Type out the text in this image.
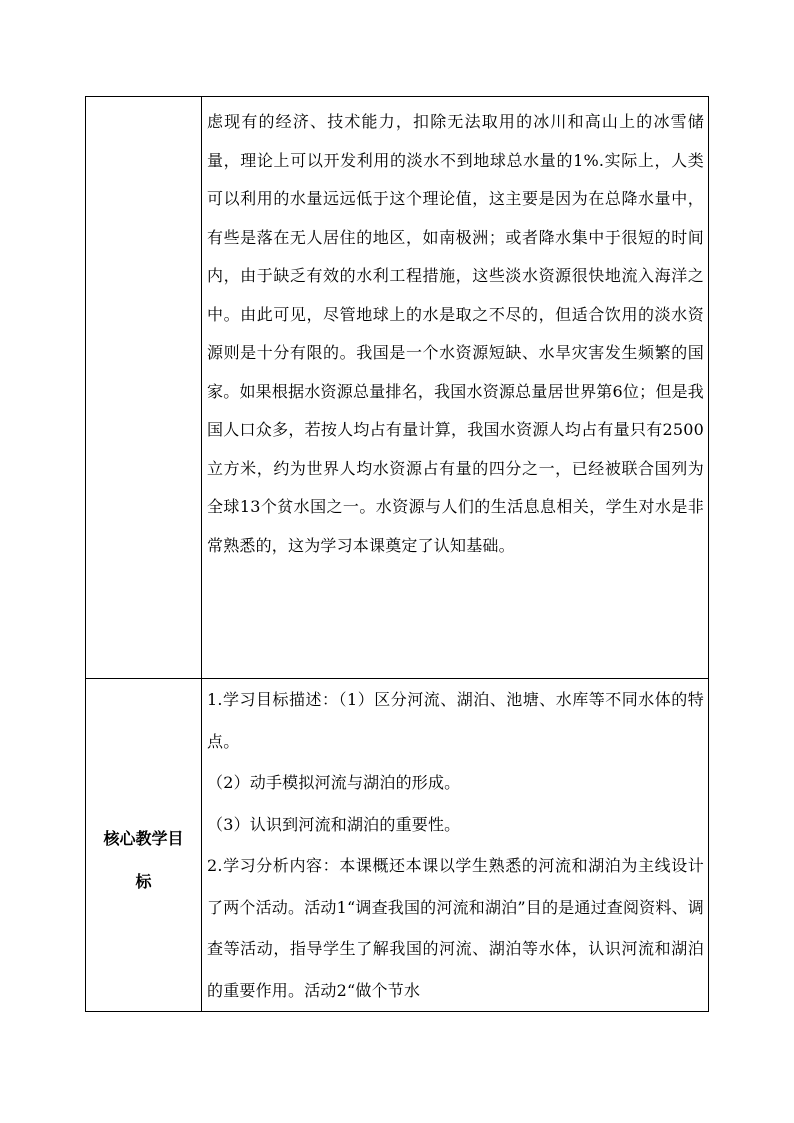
	虑现有的经济、技术能力，扣除无法取用的冰川和高山上的冰雪储量，理论上可以开发利用的淡水不到地球总水量的1%.实际上，人类可以利用的水量远远低于这个理论值，这主要是因为在总降水量中，有些是落在无人居住的地区，如南极洲；或者降水集中于很短的时间内，由于缺乏有效的水利工程措施，这些淡水资源很快地流入海洋之中。由此可见，尽管地球上的水是取之不尽的，但适合饮用的淡水资源则是十分有限的。我国是一个水资源短缺、水旱灾害发生频繁的国家。如果根据水资源总量排名，我国水资源总量居世界第6位；但是我国人口众多，若按人均占有量计算，我国水资源人均占有量只有2500立方米，约为世界人均水资源占有量的四分之一，已经被联合国列为全球13个贫水国之一。水资源与人们的生活息息相关，学生对水是非常熟悉的，这为学习本课奠定了认知基础。

核心教学目标	1.学习目标描述：（1）区分河流、湖泊、池塘、水库等不同水体的特点。

（2）动手模拟河流与湖泊的形成。

（3）认识到河流和湖泊的重要性。

2.学习分析内容：本课概还本课以学生熟悉的河流和湖泊为主线设计了两个活动。活动1“调查我国的河流和湖泊”目的是通过查阅资料、调查等活动，指导学生了解我国的河流、湖泊等水体，认识河流和湖泊的重要作用。活动2“做个节水
